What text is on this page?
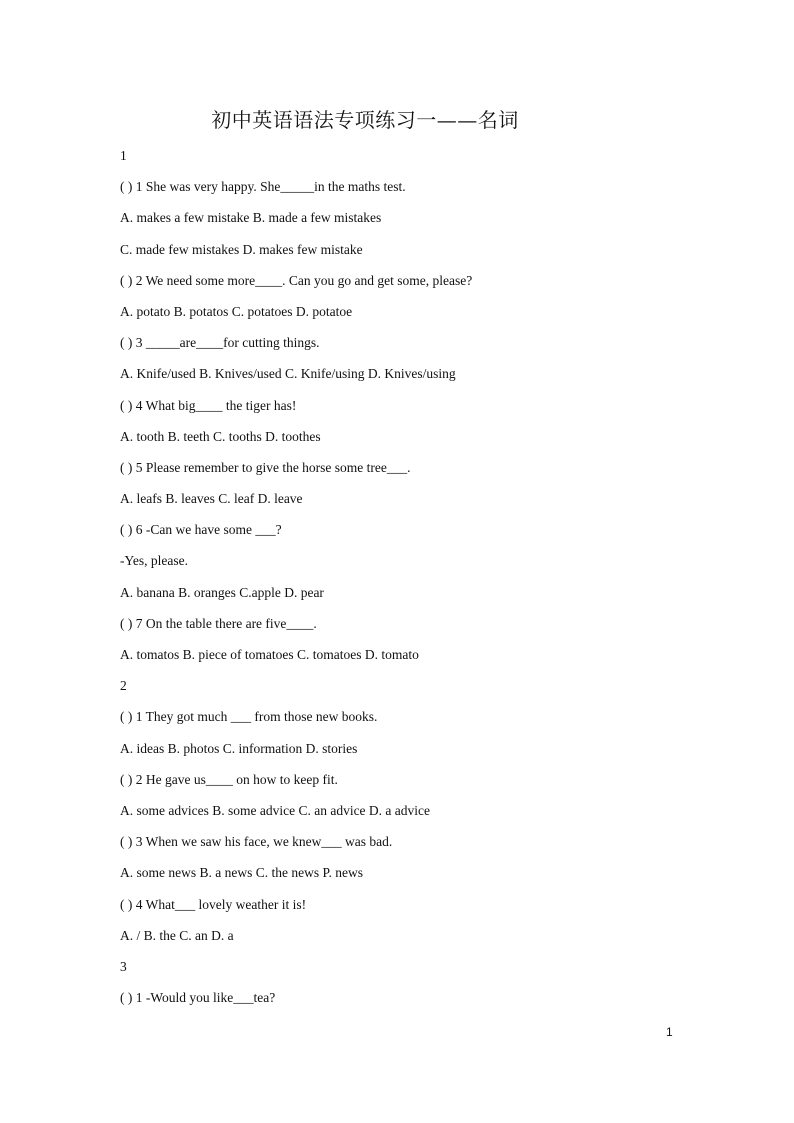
初中英语语法专项练习一——名词
1
( ) 1 She was very happy. She_____in the maths test.
A. makes a few mistake B. made a few mistakes
C. made few mistakes D. makes few mistake
( ) 2 We need some more____. Can you go and get some, please?
A. potato B. potatos C. potatoes D. potatoe
( ) 3 _____are____for cutting things.
A. Knife/used B. Knives/used C. Knife/using D. Knives/using
( ) 4 What big____ the tiger has!
A. tooth B. teeth C. tooths D. toothes
( ) 5 Please remember to give the horse some tree___.
A. leafs B. leaves C. leaf D. leave
( ) 6 -Can we have some ___?
-Yes, please.
A. banana B. oranges C.apple D. pear
( ) 7 On the table there are five____.
A. tomatos B. piece of tomatoes C. tomatoes D. tomato
2
( ) 1 They got much ___ from those new books.
A. ideas B. photos C. information D. stories
( ) 2 He gave us____ on how to keep fit.
A. some advices B. some advice C. an advice D. a advice
( ) 3 When we saw his face, we knew___ was bad.
A. some news B. a news C. the news P. news
( ) 4 What___ lovely weather it is!
A. / B. the C. an D. a
3
( ) 1 -Would you like___tea?
1
